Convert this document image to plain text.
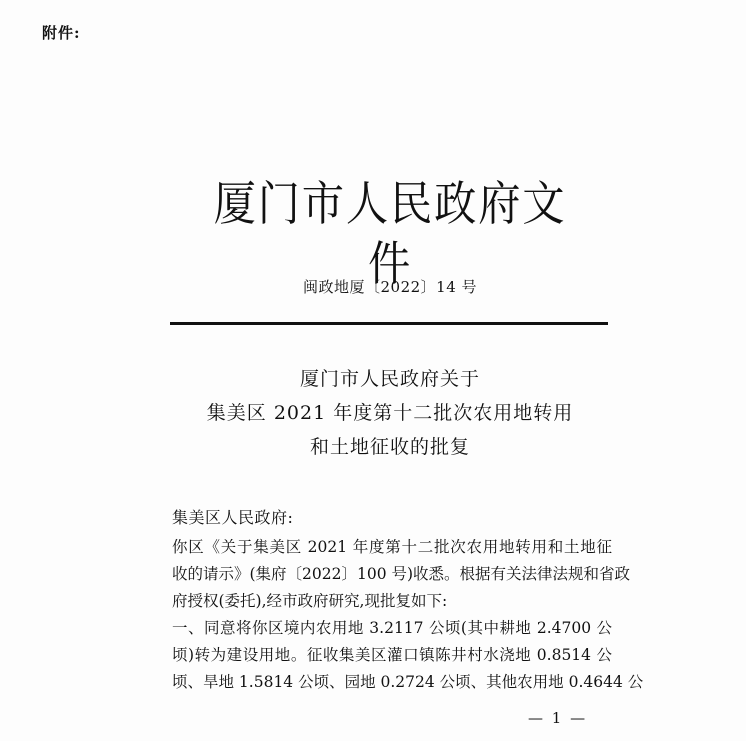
附件:
厦门市人民政府文件
闽政地厦〔2022〕14 号
厦门市人民政府关于
集美区 2021 年度第十二批次农用地转用
和土地征收的批复
集美区人民政府:
你区《关于集美区 2021 年度第十二批次农用地转用和土地征
收的请示》(集府〔2022〕100 号)收悉。根据有关法律法规和省政
府授权(委托),经市政府研究,现批复如下:
一、同意将你区境内农用地 3.2117 公顷(其中耕地 2.4700 公
顷)转为建设用地。征收集美区灌口镇陈井村水浇地 0.8514 公
顷、旱地 1.5814 公顷、园地 0.2724 公顷、其他农用地 0.4644 公
— 1 —
